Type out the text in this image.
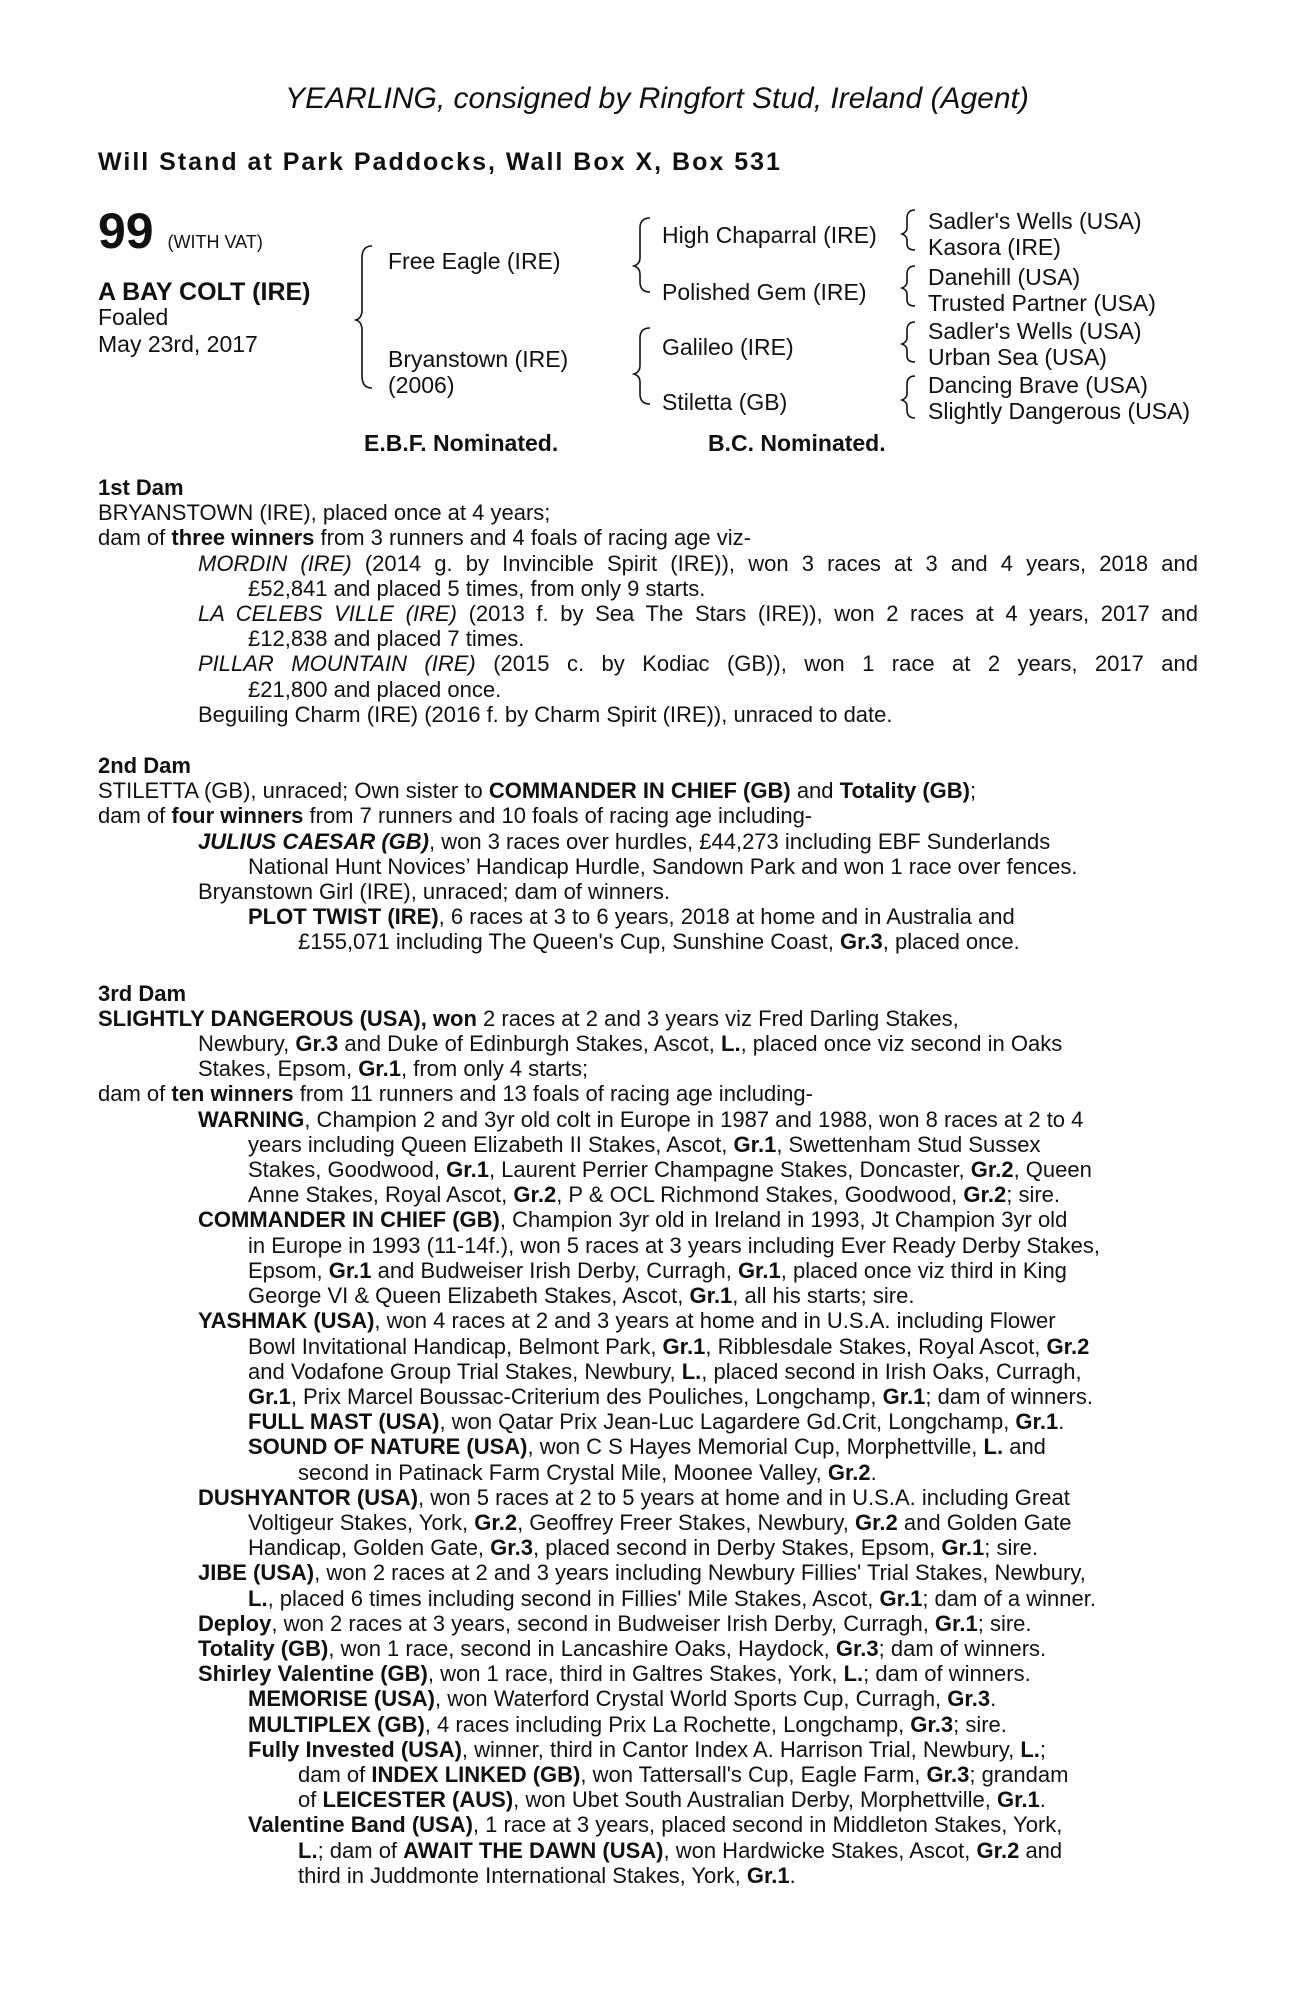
YEARLING, consigned by Ringfort Stud, Ireland (Agent)
Will Stand at Park Paddocks, Wall Box X, Box 531
99 (WITH VAT)
A BAY COLT (IRE)
Foaled
May 23rd, 2017
Free Eagle (IRE)
Bryanstown (IRE)
(2006)
High Chaparral (IRE)
Polished Gem (IRE)
Galileo (IRE)
Stiletta (GB)
Sadler's Wells (USA)
Kasora (IRE)
Danehill (USA)
Trusted Partner (USA)
Sadler's Wells (USA)
Urban Sea (USA)
Dancing Brave (USA)
Slightly Dangerous (USA)
E.B.F. Nominated.	B.C. Nominated.
1st Dam
BRYANSTOWN (IRE), placed once at 4 years;
dam of three winners from 3 runners and 4 foals of racing age viz-
MORDIN (IRE) (2014 g. by Invincible Spirit (IRE)), won 3 races at 3 and 4 years, 2018 and
£52,841 and placed 5 times, from only 9 starts.
LA CELEBS VILLE (IRE) (2013 f. by Sea The Stars (IRE)), won 2 races at 4 years, 2017 and
£12,838 and placed 7 times.
PILLAR MOUNTAIN (IRE) (2015 c. by Kodiac (GB)), won 1 race at 2 years, 2017 and
£21,800 and placed once.
Beguiling Charm (IRE) (2016 f. by Charm Spirit (IRE)), unraced to date.
2nd Dam
STILETTA (GB), unraced; Own sister to COMMANDER IN CHIEF (GB) and Totality (GB);
dam of four winners from 7 runners and 10 foals of racing age including-
JULIUS CAESAR (GB), won 3 races over hurdles, £44,273 including EBF Sunderlands
National Hunt Novices’ Handicap Hurdle, Sandown Park and won 1 race over fences.
Bryanstown Girl (IRE), unraced; dam of winners.
PLOT TWIST (IRE), 6 races at 3 to 6 years, 2018 at home and in Australia and
£155,071 including The Queen's Cup, Sunshine Coast, Gr.3, placed once.
3rd Dam
SLIGHTLY DANGEROUS (USA), won 2 races at 2 and 3 years viz Fred Darling Stakes,
Newbury, Gr.3 and Duke of Edinburgh Stakes, Ascot, L., placed once viz second in Oaks
Stakes, Epsom, Gr.1, from only 4 starts;
dam of ten winners from 11 runners and 13 foals of racing age including-
WARNING, Champion 2 and 3yr old colt in Europe in 1987 and 1988, won 8 races at 2 to 4
years including Queen Elizabeth II Stakes, Ascot, Gr.1, Swettenham Stud Sussex
Stakes, Goodwood, Gr.1, Laurent Perrier Champagne Stakes, Doncaster, Gr.2, Queen
Anne Stakes, Royal Ascot, Gr.2, P & OCL Richmond Stakes, Goodwood, Gr.2; sire.
COMMANDER IN CHIEF (GB), Champion 3yr old in Ireland in 1993, Jt Champion 3yr old
in Europe in 1993 (11-14f.), won 5 races at 3 years including Ever Ready Derby Stakes,
Epsom, Gr.1 and Budweiser Irish Derby, Curragh, Gr.1, placed once viz third in King
George VI & Queen Elizabeth Stakes, Ascot, Gr.1, all his starts; sire.
YASHMAK (USA), won 4 races at 2 and 3 years at home and in U.S.A. including Flower
Bowl Invitational Handicap, Belmont Park, Gr.1, Ribblesdale Stakes, Royal Ascot, Gr.2
and Vodafone Group Trial Stakes, Newbury, L., placed second in Irish Oaks, Curragh,
Gr.1, Prix Marcel Boussac-Criterium des Pouliches, Longchamp, Gr.1; dam of winners.
FULL MAST (USA), won Qatar Prix Jean-Luc Lagardere Gd.Crit, Longchamp, Gr.1.
SOUND OF NATURE (USA), won C S Hayes Memorial Cup, Morphettville, L. and
second in Patinack Farm Crystal Mile, Moonee Valley, Gr.2.
DUSHYANTOR (USA), won 5 races at 2 to 5 years at home and in U.S.A. including Great
Voltigeur Stakes, York, Gr.2, Geoffrey Freer Stakes, Newbury, Gr.2 and Golden Gate
Handicap, Golden Gate, Gr.3, placed second in Derby Stakes, Epsom, Gr.1; sire.
JIBE (USA), won 2 races at 2 and 3 years including Newbury Fillies' Trial Stakes, Newbury,
L., placed 6 times including second in Fillies' Mile Stakes, Ascot, Gr.1; dam of a winner.
Deploy, won 2 races at 3 years, second in Budweiser Irish Derby, Curragh, Gr.1; sire.
Totality (GB), won 1 race, second in Lancashire Oaks, Haydock, Gr.3; dam of winners.
Shirley Valentine (GB), won 1 race, third in Galtres Stakes, York, L.; dam of winners.
MEMORISE (USA), won Waterford Crystal World Sports Cup, Curragh, Gr.3.
MULTIPLEX (GB), 4 races including Prix La Rochette, Longchamp, Gr.3; sire.
Fully Invested (USA), winner, third in Cantor Index A. Harrison Trial, Newbury, L.;
dam of INDEX LINKED (GB), won Tattersall's Cup, Eagle Farm, Gr.3; grandam
of LEICESTER (AUS), won Ubet South Australian Derby, Morphettville, Gr.1.
Valentine Band (USA), 1 race at 3 years, placed second in Middleton Stakes, York,
L.; dam of AWAIT THE DAWN (USA), won Hardwicke Stakes, Ascot, Gr.2 and
third in Juddmonte International Stakes, York, Gr.1.
